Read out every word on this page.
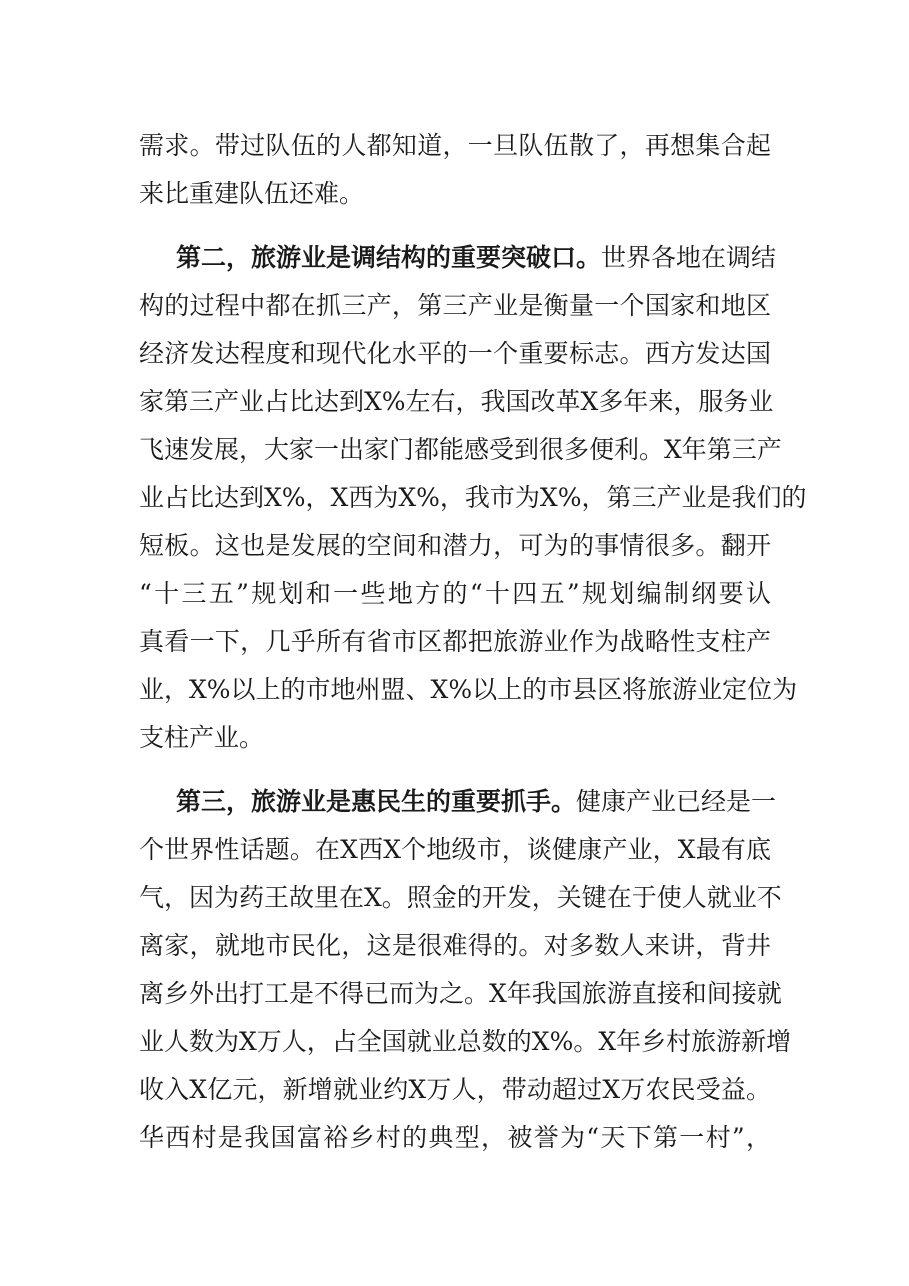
需求。带过队伍的人都知道，一旦队伍散了，再想集合起
来比重建队伍还难。
第二，旅游业是调结构的重要突破口。世界各地在调结
构的过程中都在抓三产，第三产业是衡量一个国家和地区
经济发达程度和现代化水平的一个重要标志。西方发达国
家第三产业占比达到X%左右，我国改革X多年来，服务业
飞速发展，大家一出家门都能感受到很多便利。X年第三产
业占比达到X%，X西为X%，我市为X%，第三产业是我们的
短板。这也是发展的空间和潜力，可为的事情很多。翻开
“十三五”规划和一些地方的“十四五”规划编制纲要认
真看一下，几乎所有省市区都把旅游业作为战略性支柱产
业，X%以上的市地州盟、X%以上的市县区将旅游业定位为
支柱产业。
第三，旅游业是惠民生的重要抓手。健康产业已经是一
个世界性话题。在X西X个地级市，谈健康产业，X最有底
气，因为药王故里在X。照金的开发，关键在于使人就业不
离家，就地市民化，这是很难得的。对多数人来讲，背井
离乡外出打工是不得已而为之。X年我国旅游直接和间接就
业人数为X万人，占全国就业总数的X%。X年乡村旅游新增
收入X亿元，新增就业约X万人，带动超过X万农民受益。
华西村是我国富裕乡村的典型，被誉为“天下第一村”，
